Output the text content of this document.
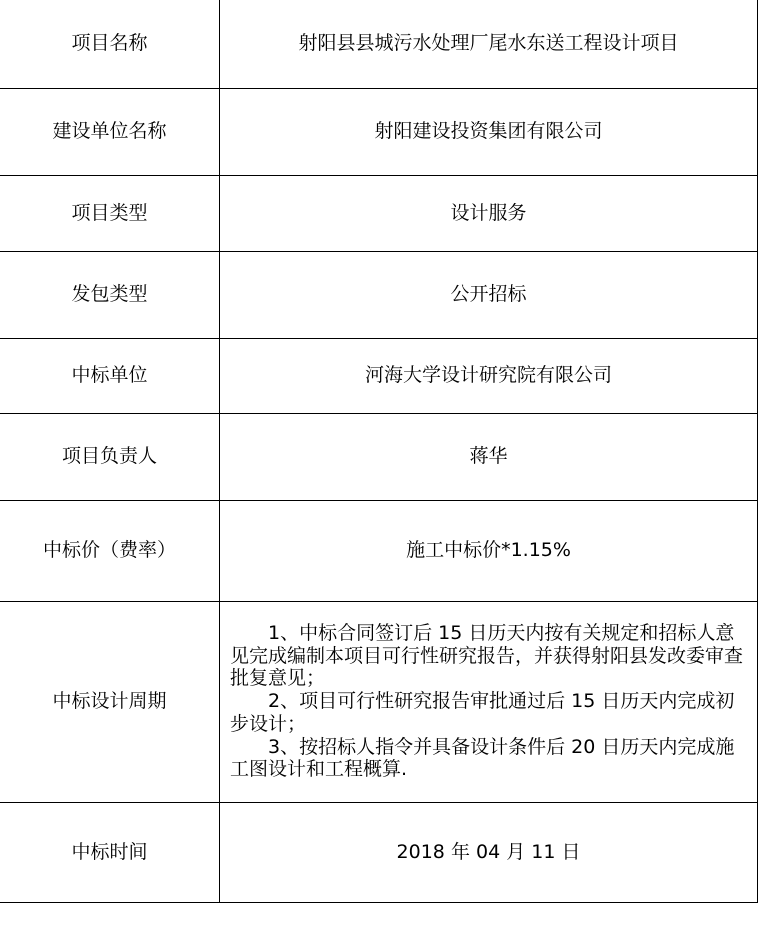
项目名称	射阳县县城污水处理厂尾水东送工程设计项目
建设单位名称	射阳建设投资集团有限公司
项目类型	设计服务
发包类型	公开招标
中标单位	河海大学设计研究院有限公司
项目负责人	蒋华
中标价（费率）	施工中标价*1.15%
中标设计周期	1、中标合同签订后 15 日历天内按有关规定和招标人意见完成编制本项目可行性研究报告，并获得射阳县发改委审查批复意见；
2、项目可行性研究报告审批通过后 15 日历天内完成初步设计；
3、按招标人指令并具备设计条件后 20 日历天内完成施工图设计和工程概算.

中标时间	2018 年 04 月 11 日
